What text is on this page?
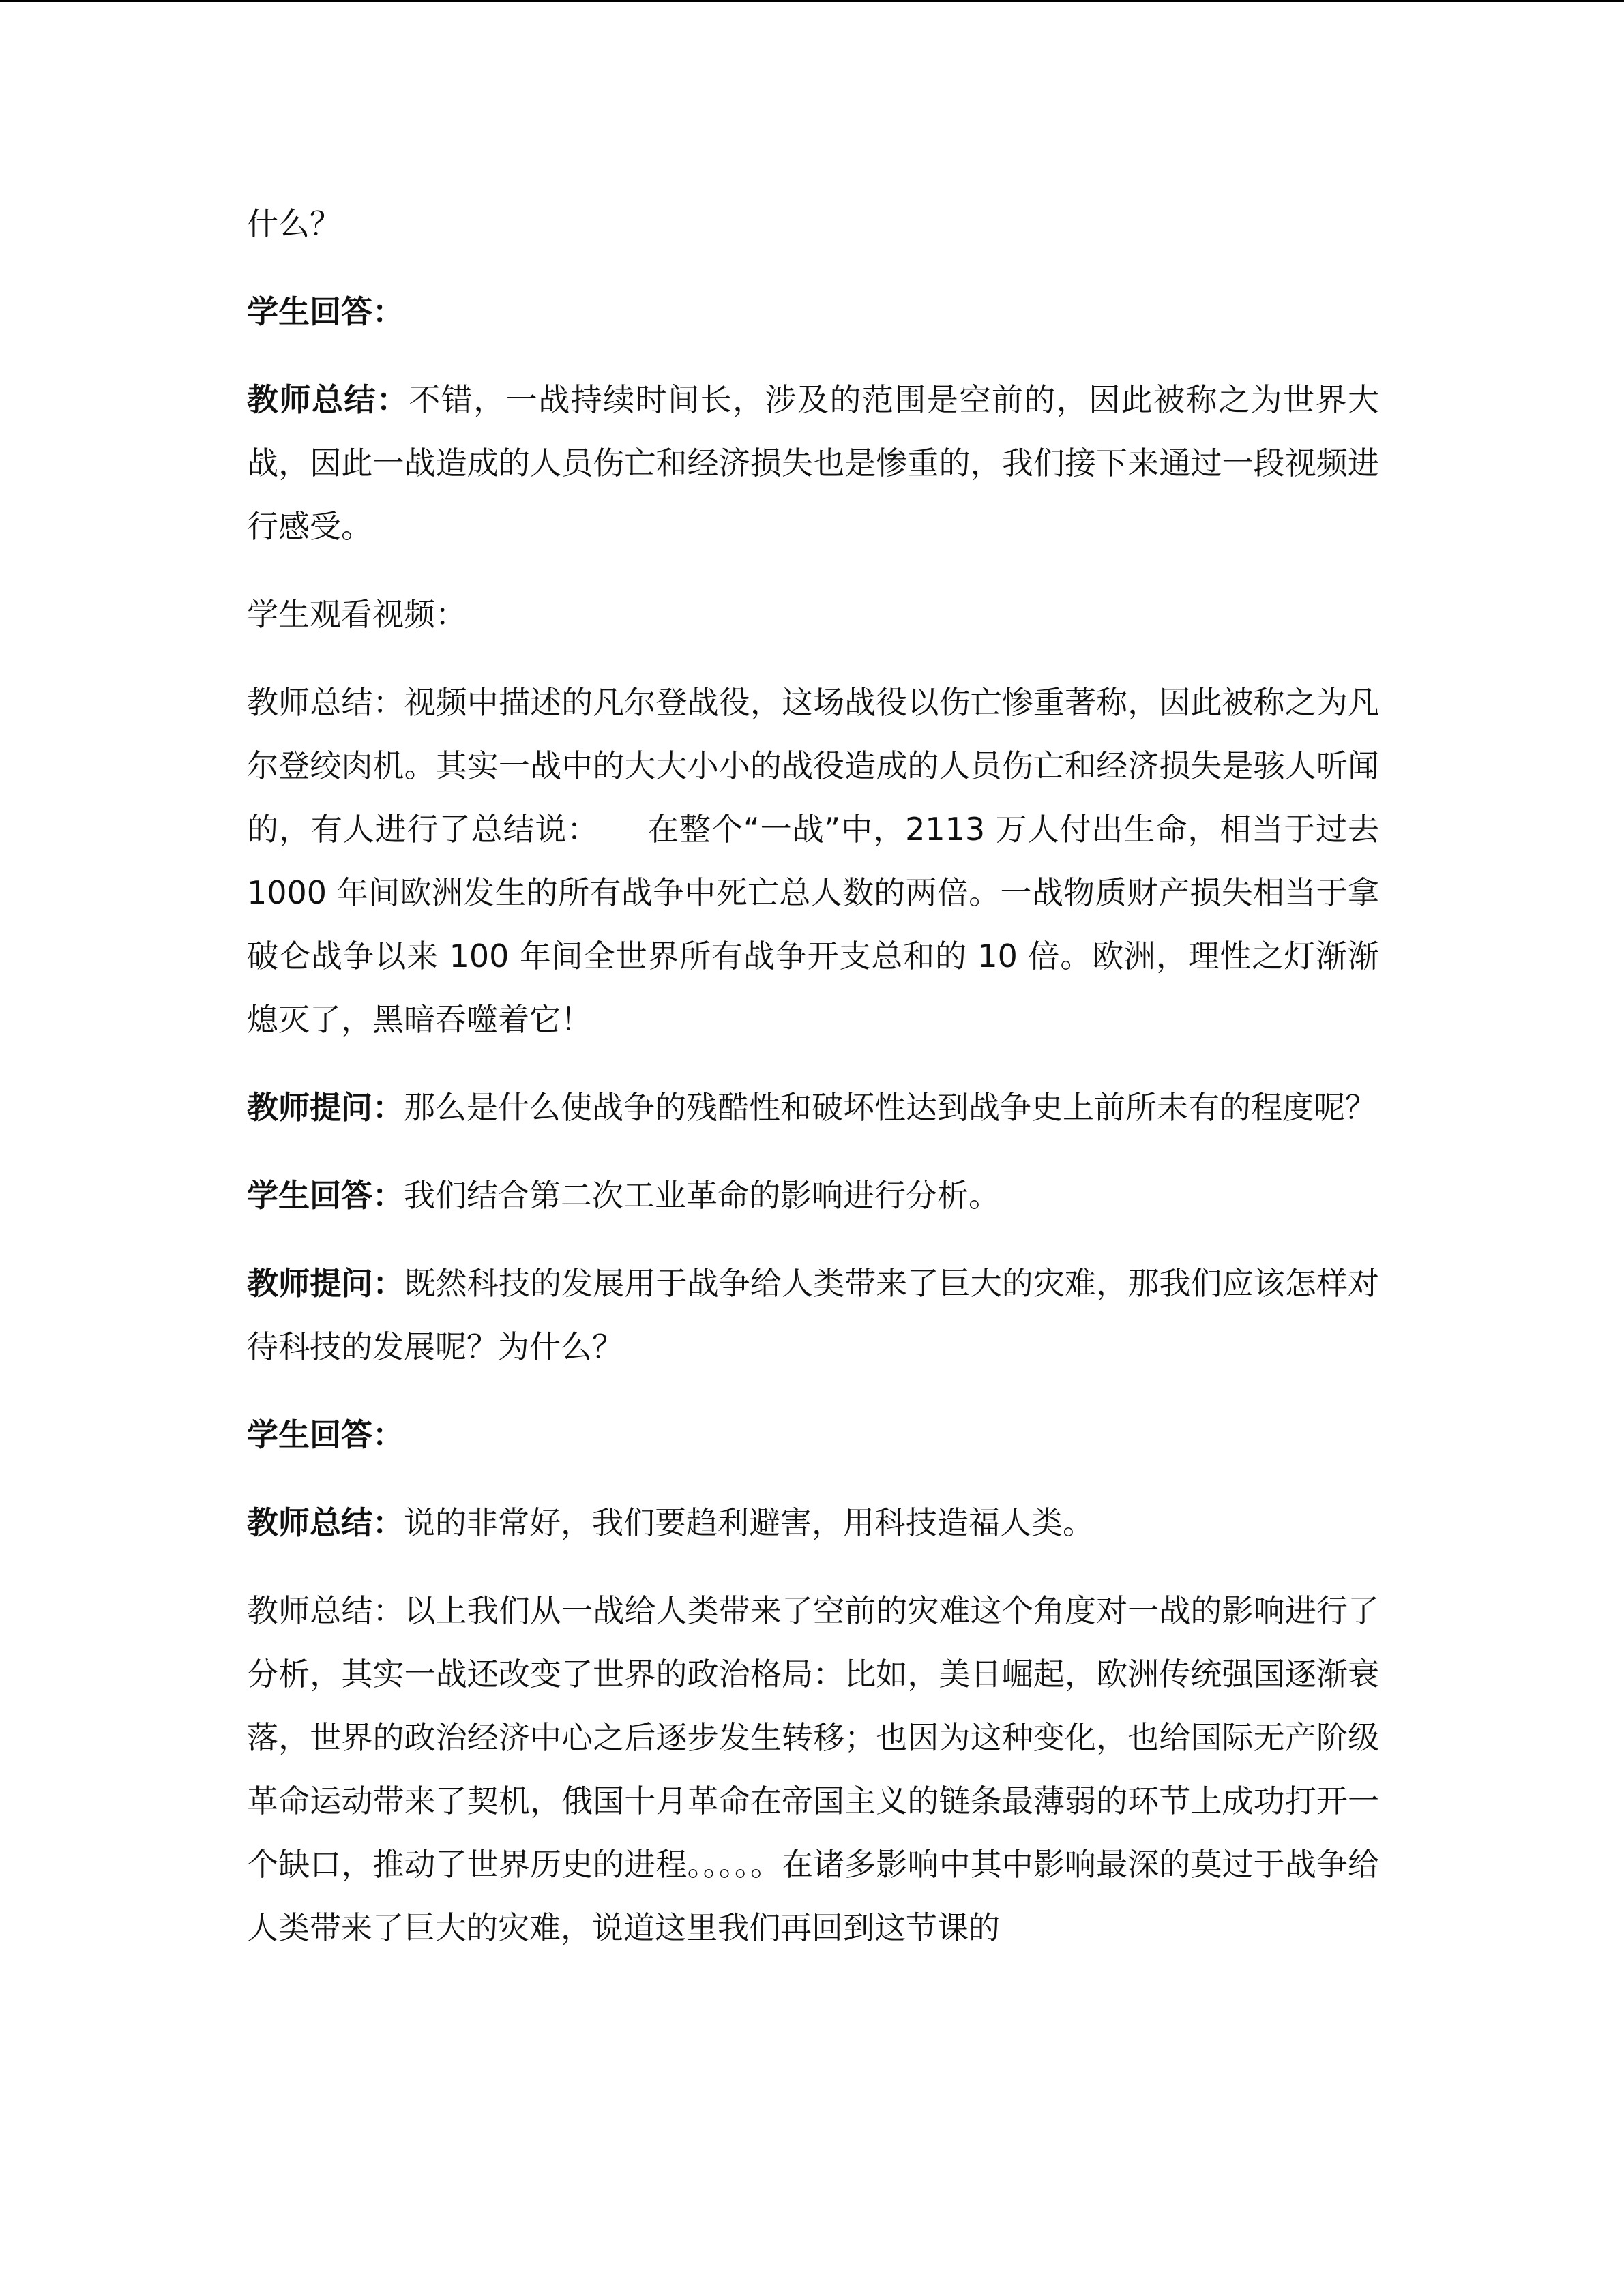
什么？

学生回答：

教师总结：不错，一战持续时间长，涉及的范围是空前的，因此被称之为世界大战，因此一战造成的人员伤亡和经济损失也是惨重的，我们接下来通过一段视频进行感受。

学生观看视频：

教师总结：视频中描述的凡尔登战役，这场战役以伤亡惨重著称，因此被称之为凡尔登绞肉机。其实一战中的大大小小的战役造成的人员伤亡和经济损失是骇人听闻的，有人进行了总结说：　　在整个“一战”中，2113 万人付出生命，相当于过去 1000 年间欧洲发生的所有战争中死亡总人数的两倍。一战物质财产损失相当于拿破仑战争以来 100 年间全世界所有战争开支总和的 10 倍。欧洲，理性之灯渐渐熄灭了，黑暗吞噬着它！

教师提问：那么是什么使战争的残酷性和破坏性达到战争史上前所未有的程度呢？

学生回答：我们结合第二次工业革命的影响进行分析。

教师提问：既然科技的发展用于战争给人类带来了巨大的灾难，那我们应该怎样对待科技的发展呢？为什么？

学生回答：

教师总结：说的非常好，我们要趋利避害，用科技造福人类。

教师总结：以上我们从一战给人类带来了空前的灾难这个角度对一战的影响进行了分析，其实一战还改变了世界的政治格局：比如，美日崛起，欧洲传统强国逐渐衰落，世界的政治经济中心之后逐步发生转移；也因为这种变化，也给国际无产阶级革命运动带来了契机，俄国十月革命在帝国主义的链条最薄弱的环节上成功打开一个缺口，推动了世界历史的进程。。。。。在诸多影响中其中影响最深的莫过于战争给人类带来了巨大的灾难，说道这里我们再回到这节课的
